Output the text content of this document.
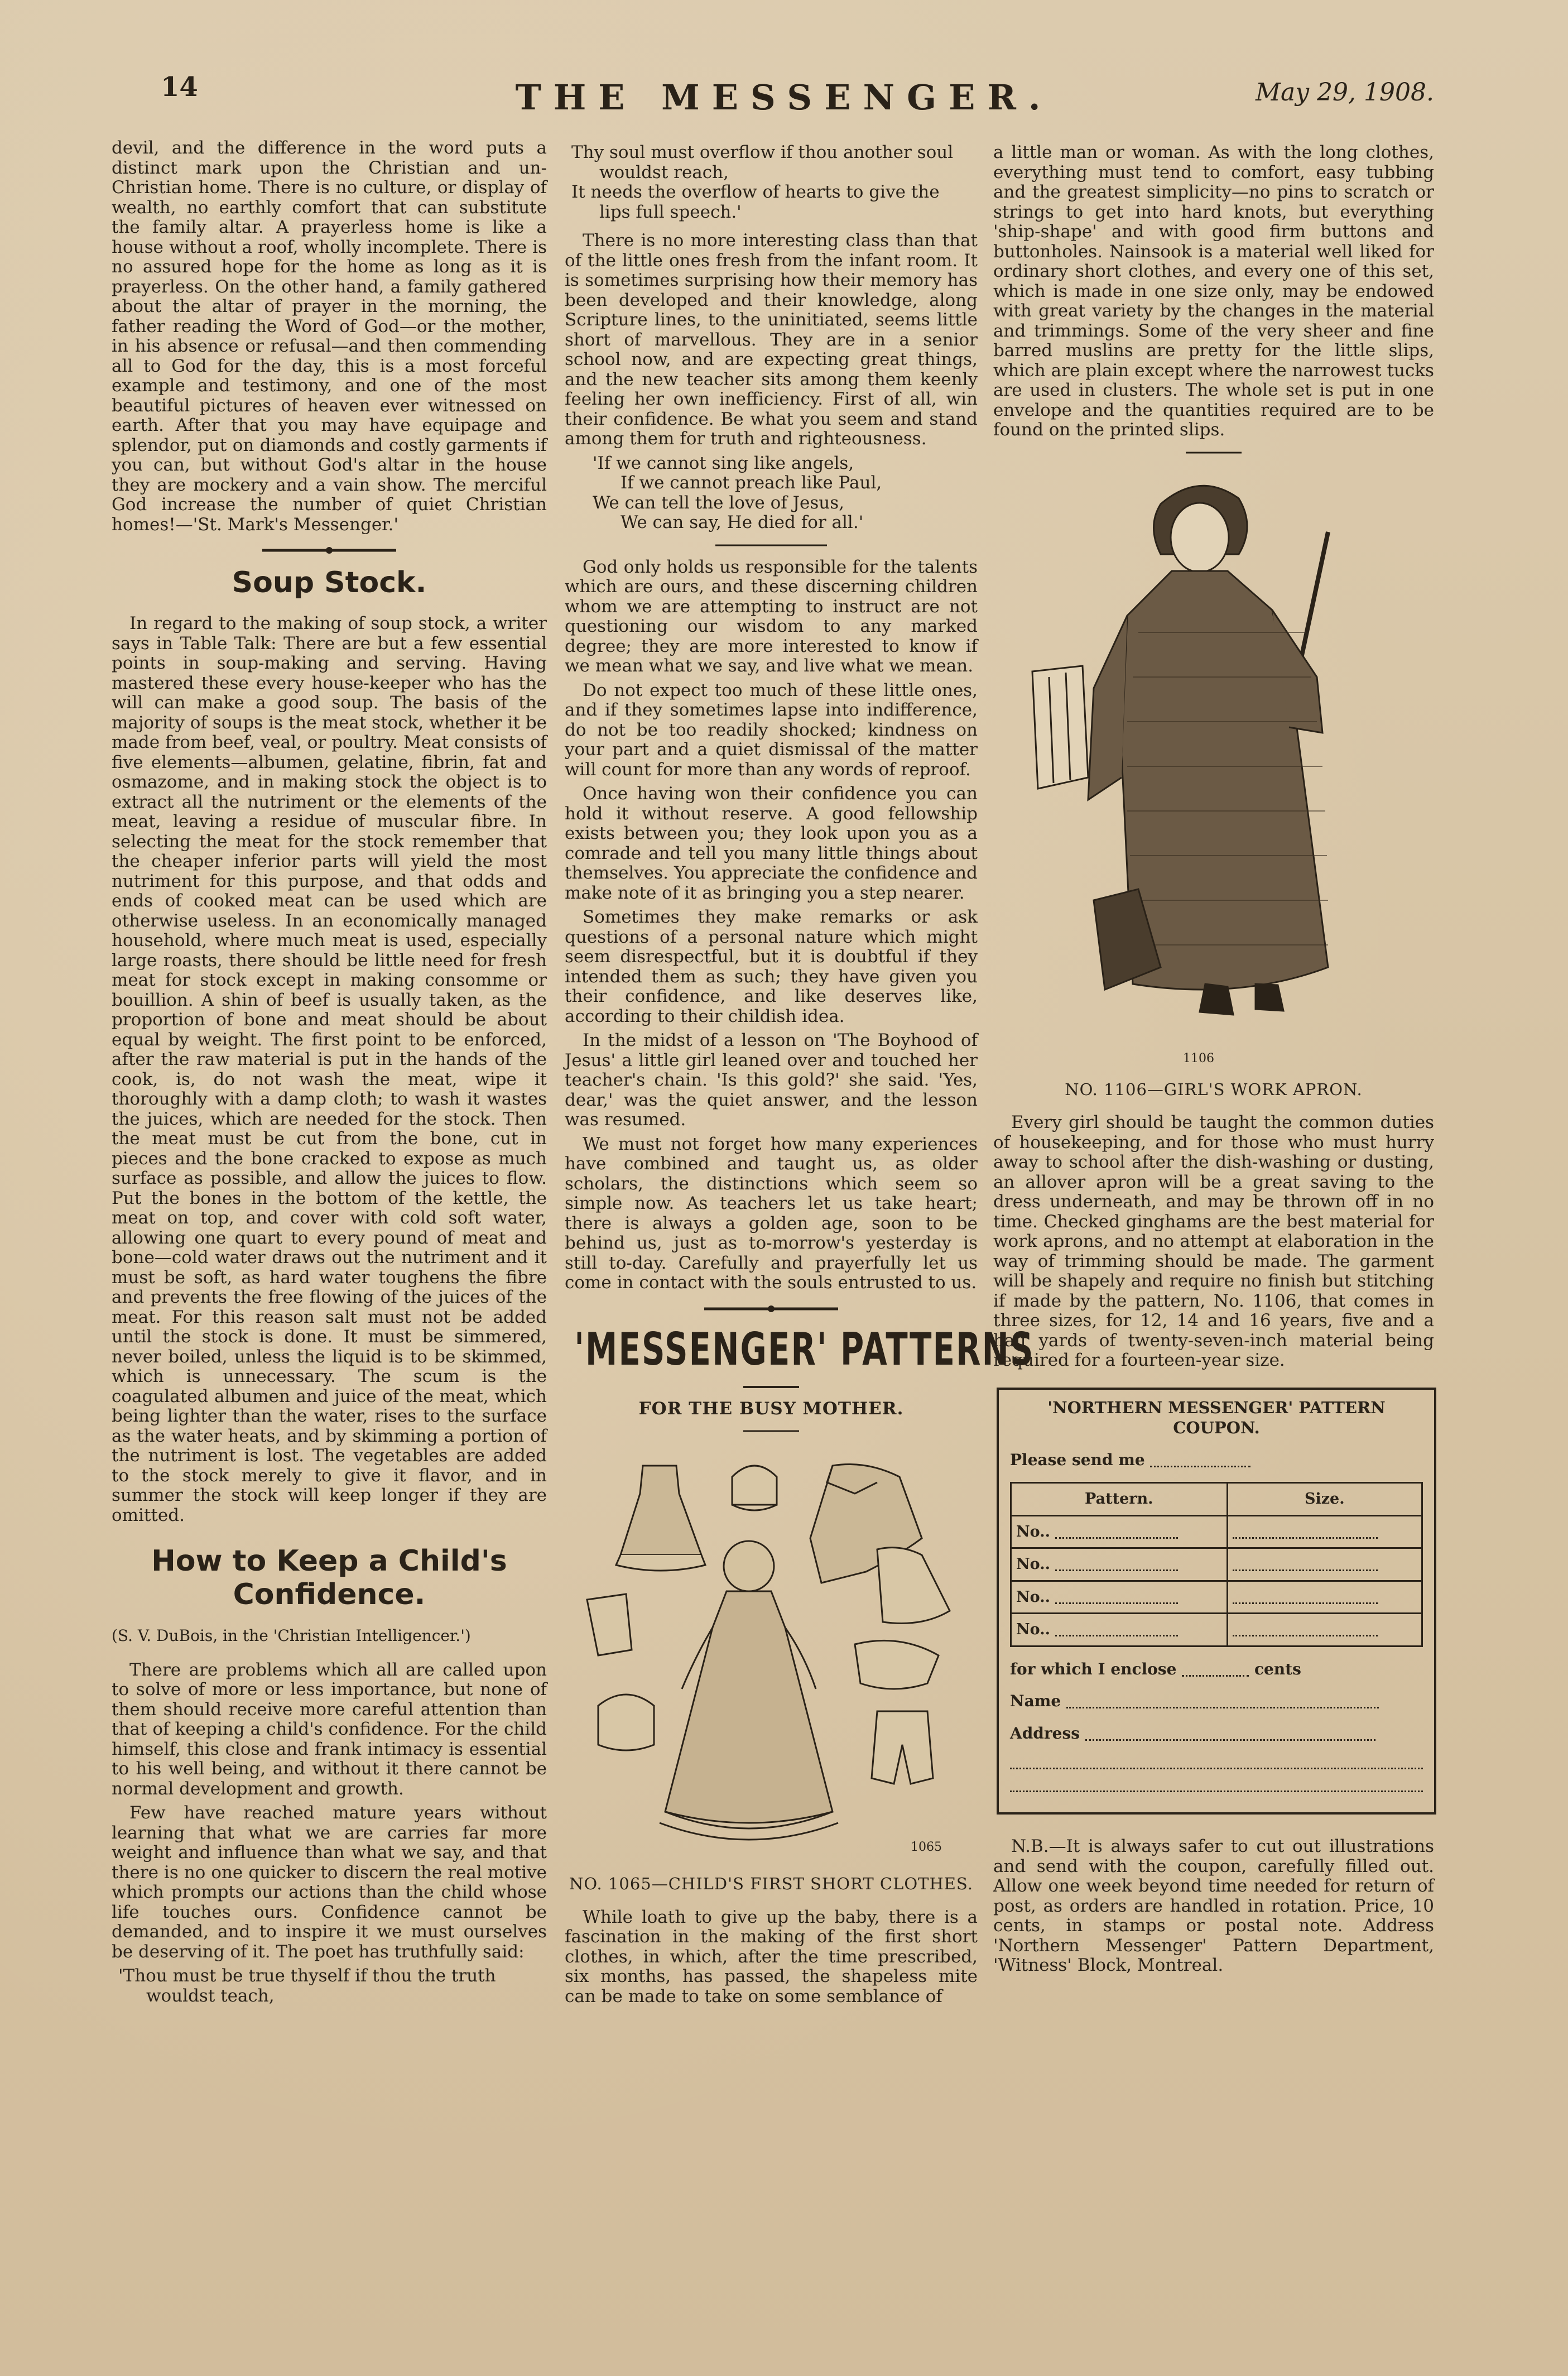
14	THE MESSENGER.	May 29, 1908.

devil, and the difference in the word puts a distinct mark upon the Christian and un-Christian home. There is no culture, or display of wealth, no earthly comfort that can substitute the family altar. A prayerless home is like a house without a roof, wholly incomplete. There is no assured hope for the home as long as it is prayerless. On the other hand, a family gathered about the altar of prayer in the morning, the father reading the Word of God—or the mother, in his absence or refusal—and then commending all to God for the day, this is a most forceful example and testimony, and one of the most beautiful pictures of heaven ever witnessed on earth. After that you may have equipage and splendor, put on diamonds and costly garments if you can, but without God's altar in the house they are mockery and a vain show. The merciful God increase the number of quiet Christian homes!—'St. Mark's Messenger.'

Soup Stock.

In regard to the making of soup stock, a writer says in Table Talk: There are but a few essential points in soup-making and serving. Having mastered these every house-keeper who has the will can make a good soup. The basis of the majority of soups is the meat stock, whether it be made from beef, veal, or poultry. Meat consists of five elements—albumen, gelatine, fibrin, fat and osmazome, and in making stock the object is to extract all the nutriment or the elements of the meat, leaving a residue of muscular fibre. In selecting the meat for the stock remember that the cheaper inferior parts will yield the most nutriment for this purpose, and that odds and ends of cooked meat can be used which are otherwise useless. In an economically managed household, where much meat is used, especially large roasts, there should be little need for fresh meat for stock except in making consomme or bouillion. A shin of beef is usually taken, as the proportion of bone and meat should be about equal by weight. The first point to be enforced, after the raw material is put in the hands of the cook, is, do not wash the meat, wipe it thoroughly with a damp cloth; to wash it wastes the juices, which are needed for the stock. Then the meat must be cut from the bone, cut in pieces and the bone cracked to expose as much surface as possible, and allow the juices to flow. Put the bones in the bottom of the kettle, the meat on top, and cover with cold soft water, allowing one quart to every pound of meat and bone—cold water draws out the nutriment and it must be soft, as hard water toughens the fibre and prevents the free flowing of the juices of the meat. For this reason salt must not be added until the stock is done. It must be simmered, never boiled, unless the liquid is to be skimmed, which is unnecessary. The scum is the coagulated albumen and juice of the meat, which being lighter than the water, rises to the surface as the water heats, and by skimming a portion of the nutriment is lost. The vegetables are added to the stock merely to give it flavor, and in summer the stock will keep longer if they are omitted.

How to Keep a Child's Confidence.
(S. V. DuBois, in the 'Christian Intelligencer.')

There are problems which all are called upon to solve of more or less importance, but none of them should receive more careful attention than that of keeping a child's confidence. For the child himself, this close and frank intimacy is essential to his well being, and without it there cannot be normal development and growth.

Few have reached mature years without learning that what we are carries far more weight and influence than what we say, and that there is no one quicker to discern the real motive which prompts our actions than the child whose life touches ours. Confidence cannot be demanded, and to inspire it we must ourselves be deserving of it. The poet has truthfully said:

'Thou must be true thyself if thou the truth
wouldst teach,
Thy soul must overflow if thou another soul
wouldst reach,
It needs the overflow of hearts to give the
lips full speech.'

There is no more interesting class than that of the little ones fresh from the infant room. It is sometimes surprising how their memory has been developed and their knowledge, along Scripture lines, to the uninitiated, seems little short of marvellous. They are in a senior school now, and are expecting great things, and the new teacher sits among them keenly feeling her own inefficiency. First of all, win their confidence. Be what you seem and stand among them for truth and righteousness.

'If we cannot sing like angels,
If we cannot preach like Paul,
We can tell the love of Jesus,
We can say, He died for all.'

God only holds us responsible for the talents which are ours, and these discerning children whom we are attempting to instruct are not questioning our wisdom to any marked degree; they are more interested to know if we mean what we say, and live what we mean.

Do not expect too much of these little ones, and if they sometimes lapse into indifference, do not be too readily shocked; kindness on your part and a quiet dismissal of the matter will count for more than any words of reproof.

Once having won their confidence you can hold it without reserve. A good fellowship exists between you; they look upon you as a comrade and tell you many little things about themselves. You appreciate the confidence and make note of it as bringing you a step nearer.

Sometimes they make remarks or ask questions of a personal nature which might seem disrespectful, but it is doubtful if they intended them as such; they have given you their confidence, and like deserves like, according to their childish idea.

In the midst of a lesson on 'The Boyhood of Jesus' a little girl leaned over and touched her teacher's chain. 'Is this gold?' she said. 'Yes, dear,' was the quiet answer, and the lesson was resumed.

We must not forget how many experiences have combined and taught us, as older scholars, the distinctions which seem so simple now. As teachers let us take heart; there is always a golden age, soon to be behind us, just as to-morrow's yesterday is still to-day. Carefully and prayerfully let us come in contact with the souls entrusted to us.

'MESSENGER' PATTERNS
FOR THE BUSY MOTHER.
1065
NO. 1065—CHILD'S FIRST SHORT CLOTHES.

While loath to give up the baby, there is a fascination in the making of the first short clothes, in which, after the time prescribed, six months, has passed, the shapeless mite can be made to take on some semblance of

a little man or woman. As with the long clothes, everything must tend to comfort, easy tubbing and the greatest simplicity—no pins to scratch or strings to get into hard knots, but everything 'ship-shape' and with good firm buttons and buttonholes. Nainsook is a material well liked for ordinary short clothes, and every one of this set, which is made in one size only, may be endowed with great variety by the changes in the material and trimmings. Some of the very sheer and fine barred muslins are pretty for the little slips, which are plain except where the narrowest tucks are used in clusters. The whole set is put in one envelope and the quantities required are to be found on the printed slips.

1106
NO. 1106—GIRL'S WORK APRON.

Every girl should be taught the common duties of housekeeping, and for those who must hurry away to school after the dish-washing or dusting, an allover apron will be a great saving to the dress underneath, and may be thrown off in no time. Checked ginghams are the best material for work aprons, and no attempt at elaboration in the way of trimming should be made. The garment will be shapely and require no finish but stitching if made by the pattern, No. 1106, that comes in three sizes, for 12, 14 and 16 years, five and a half yards of twenty-seven-inch material being required for a fourteen-year size.

'NORTHERN MESSENGER' PATTERN
COUPON.
Please send me
Pattern.	Size.
No..	
No..	
No..	
No..	
for which I enclose	cents
Name
Address

N.B.—It is always safer to cut out illustrations and send with the coupon, carefully filled out. Allow one week beyond time needed for return of post, as orders are handled in rotation. Price, 10 cents, in stamps or postal note. Address 'Northern Messenger' Pattern Department, 'Witness' Block, Montreal.
